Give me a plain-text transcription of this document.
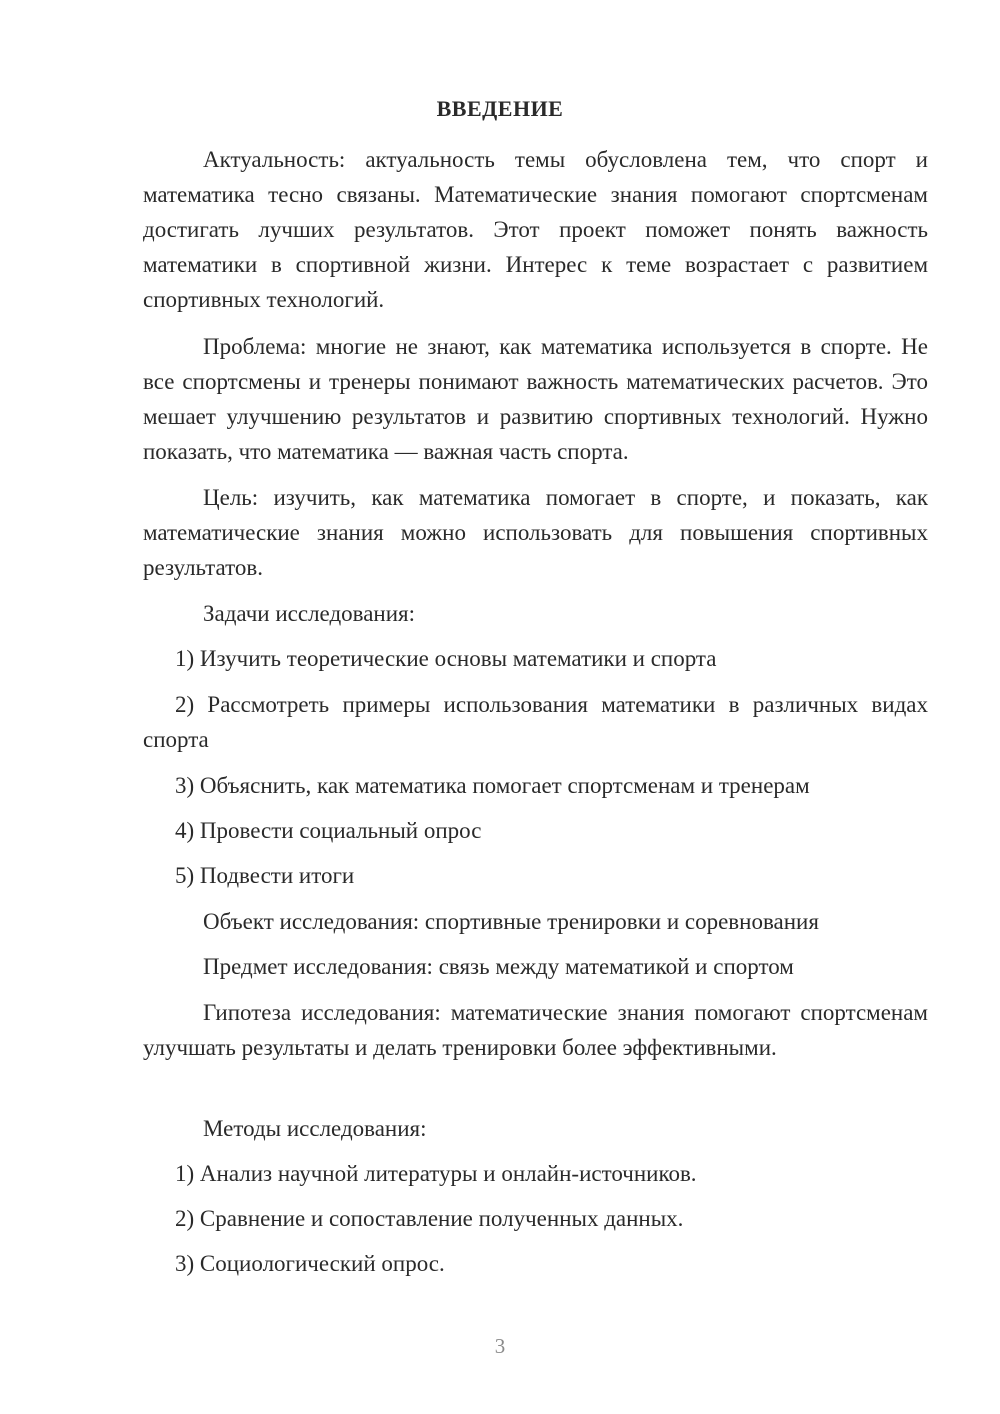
ВВЕДЕНИЕ

Актуальность: актуальность темы обусловлена тем, что спорт и математика тесно связаны. Математические знания помогают спортсменам достигать лучших результатов. Этот проект поможет понять важность математики в спортивной жизни. Интерес к теме возрастает с развитием спортивных технологий.

Проблема: многие не знают, как математика используется в спорте. Не все спортсмены и тренеры понимают важность математических расчетов. Это мешает улучшению результатов и развитию спортивных технологий. Нужно показать, что математика — важная часть спорта.

Цель: изучить, как математика помогает в спорте, и показать, как математические знания можно использовать для повышения спортивных результатов.

Задачи исследования:
1) Изучить теоретические основы математики и спорта

2) Рассмотреть примеры использования математики в различных видах спорта

3) Объяснить, как математика помогает спортсменам и тренерам
4) Провести социальный опрос
5) Подвести итоги
Объект исследования: спортивные тренировки и соревнования
Предмет исследования: связь между математикой и спортом

Гипотеза исследования: математические знания помогают спортсменам улучшать результаты и делать тренировки более эффективными.

Методы исследования:
1) Анализ научной литературы и онлайн-источников.
2) Сравнение и сопоставление полученных данных.
3) Социологический опрос.
3
